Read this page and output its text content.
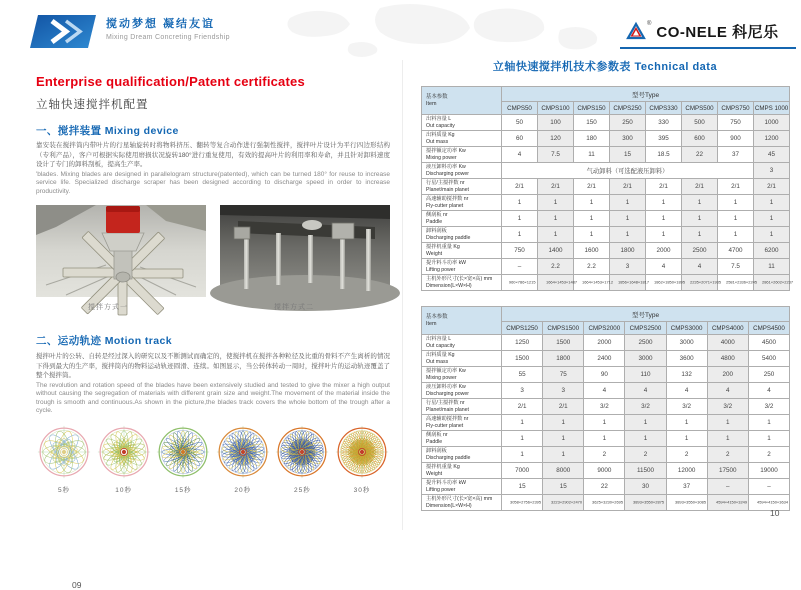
搅动梦想 凝结友谊
Mixing Dream Concreting Friendship
® CO-NELE 科尼乐
Enterprise qualification/Patent certificates
立轴快速搅拌机配置
一、搅拌装置 Mixing device
靠安装在搅拌筒内带叶片的行星轴旋转时将物料挤压、翻转等复合动作进行强制性搅拌，搅拌叶片设计为平行四边形结构（专利产品），客户可根据实际使用磨损状况旋转180°进行重复使用，有效的提高叶片的利用率和寿命，并且针对卸料速度设计了专门的卸料刮板，提高生产率。
'blades. Mixing blades are designed in parallelogram structure(patented), which can be turned 180° for reuse to increase service life. Specialized discharge scraper has been designed according to discharge speed in order to increase productivity.
搅拌方式一	搅拌方式二
二、运动轨迹 Motion track
搅拌叶片的公转、自转是经过深入的研究以及不断测试而确定的，使搅拌机在搅拌各种粒径及比重的骨料不产生离析的情况下得到最大的生产率，搅拌筒内的物料运动轨迹圆滑、连续。如图显示，当公转体转动一周时，搅拌叶片的运动轨迹覆盖了整个搅拌筒。
The revolution and rotation speed of the blades have been extensively studied and tested to give the mixer a high output without causing the segregation of materials with different grain size and weight.The movement of the material inside the trough is smooth and continuous.As shown in the picture,the blades track covers the whole bottom of the trough after a cycle.
5秒	10秒	15秒	20秒	25秒	30秒
09
立轴快速搅拌机技术参数表 Technical data
基本参数
Item	型号Type							
	CMPS50	CMPS100	CMPS150	CMPS250	CMPS330	CMPS500	CMPS750	CMPS 1000

出料容量 L
Out capacity	50	100	150	250	330	500	750	1000

出料质量 Kg
Out mass	60	120	180	300	395	600	900	1200

搅拌额定功率 Kw
Mixing power	4	7.5	11	15	18.5	22	37	45

液压卸料功率 Kw
Discharging power	气动卸料（可选配液压卸料）							3

行星/主搅拌数 nr
Planet/main planet	2/1	2/1	2/1	2/1	2/1	2/1	2/1	2/1

高速辅助搅拌数 nr
Fly-cutter planet	1	1	1	1	1	1	1	1

侧刮板 nr
Paddle	1	1	1	1	1	1	1	1

卸料刮板
Discharging paddle	1	1	1	1	1	1	1	1

搅拌机重量 Kg
Weight	750	1400	1600	1800	2000	2500	4700	6200

提升料斗功率 kW
Lifting power	–	2.2	2.2	3	4	4	7.5	11

主机外形尺寸(长×宽×高) mm
Dimension(L×W×H)	960×786×1215	1664×1453×1487	1664×1453×1712	1856×1648×1817	1862×1850×1895	2235×2071×1935	2581×2336×2245	2861×2602×2237
基本参数
Item	型号Type						
	CMPS1250	CMPS1500	CMPS2000	CMPS2500	CMPS3000	CMPS4000	CMPS4500

出料容量 L
Out capacity	1250	1500	2000	2500	3000	4000	4500

出料质量 Kg
Out mass	1500	1800	2400	3000	3600	4800	5400

搅拌额定功率 Kw
Mixing power	55	75	90	110	132	200	250

液压卸料功率 Kw
Discharging power	3	3	4	4	4	4	4

行星/主搅拌数 nr
Planet/main planet	2/1	2/1	3/2	3/2	3/2	3/2	3/2

高速辅助搅拌数 nr
Fly-cutter planet	1	1	1	1	1	1	1

侧刮板 nr
Paddle	1	1	1	1	1	1	1

卸料刮板
Discharging paddle	1	1	2	2	2	2	2

搅拌机重量 Kg
Weight	7000	8000	9000	11500	12000	17500	19000

提升料斗功率 kW
Lifting power	15	15	22	30	37	–	–

主机外形尺寸(长×宽×高) mm
Dimension(L×W×H)	3058×2756×2395	3223×2902×2470	3625×3230×2695	3893×3550×2875	3893×3550×3085	4594×4150×3249	4594×4150×3634
10
